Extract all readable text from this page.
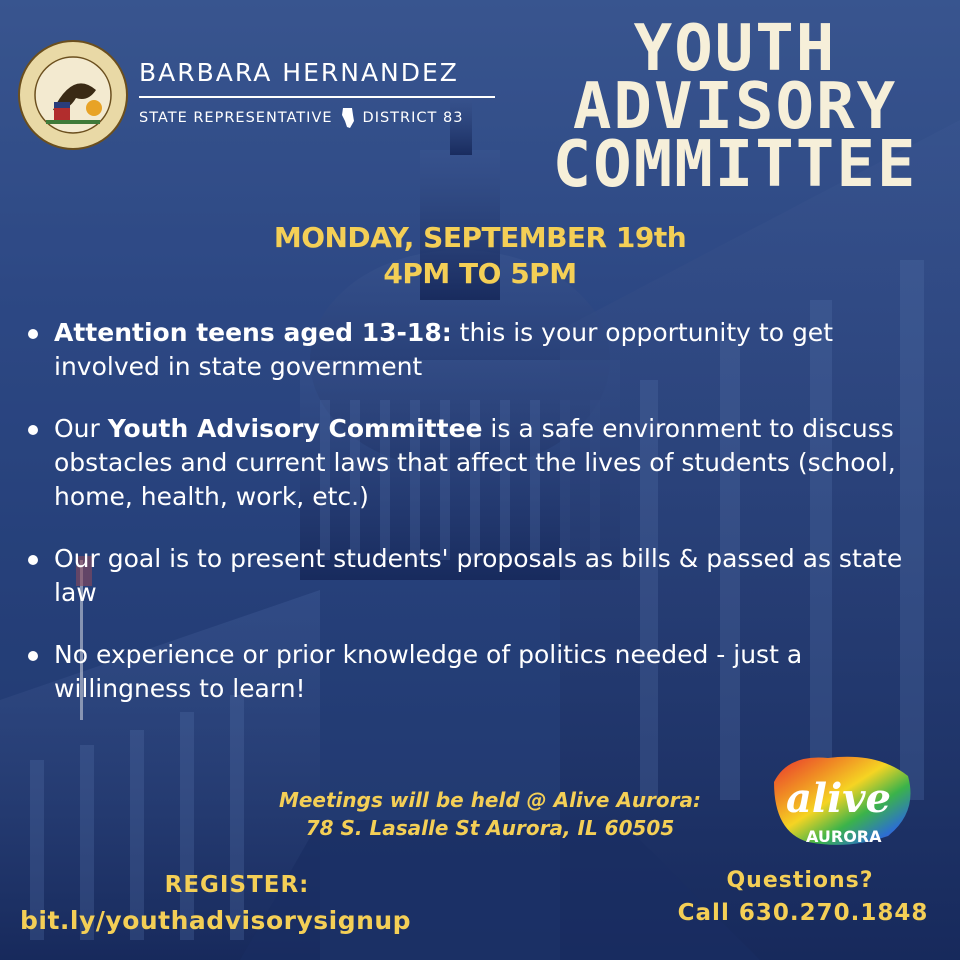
BARBARA HERNANDEZ
STATE REPRESENTATIVE DISTRICT 83
YOUTH
ADVISORY
COMMITTEE
MONDAY, SEPTEMBER 19th
4PM TO 5PM
Attention teens aged 13-18: this is your opportunity to get involved in state government
Our Youth Advisory Committee is a safe environment to discuss obstacles and current laws that affect the lives of students (school, home, health, work, etc.)
Our goal is to present students' proposals as bills & passed as state law
No experience or prior knowledge of politics needed - just a willingness to learn!
Meetings will be held @ Alive Aurora:
78 S. Lasalle St Aurora, IL 60505
alive
AURORA
REGISTER:
bit.ly/youthadvisorysignup
Questions?
Call 630.270.1848
